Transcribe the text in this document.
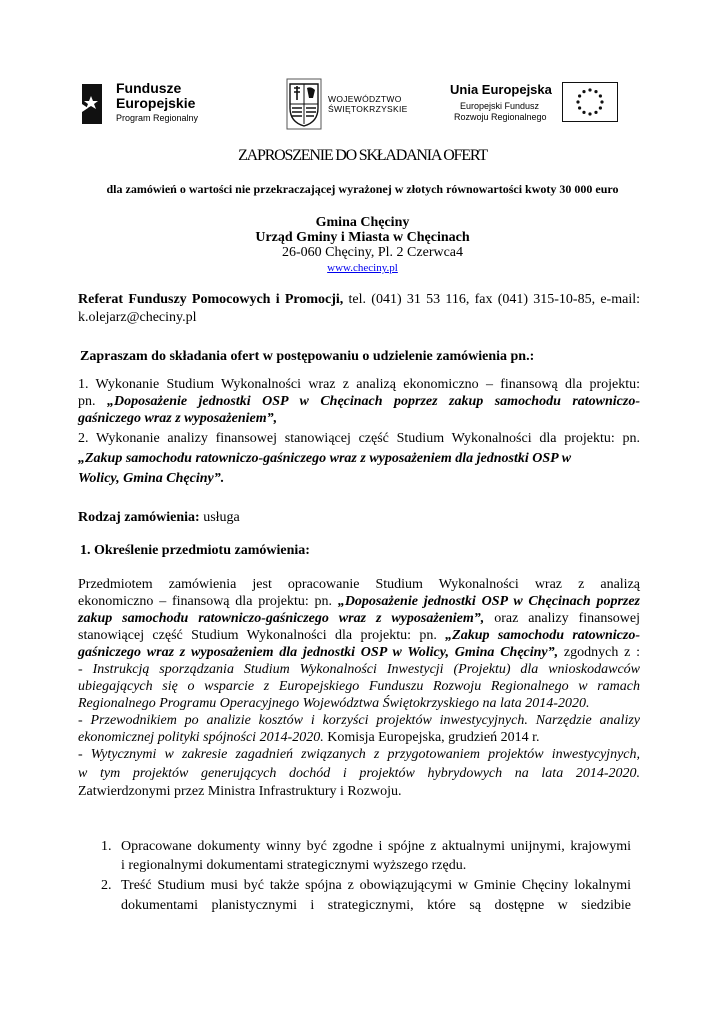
Fundusze
Europejskie
Program Regionalny
WOJEWÓDZTWO
ŚWIĘTOKRZYSKIE
Unia Europejska
Europejski Fundusz
Rozwoju Regionalnego
ZAPROSZENIE DO SKŁADANIA OFERT
dla zamówień o wartości nie przekraczającej wyrażonej w złotych równowartości kwoty 30 000 euro
Gmina Chęciny
Urząd Gminy i Miasta w Chęcinach
26-060 Chęciny, Pl. 2 Czerwca4
www.checiny.pl
Referat Funduszy Pomocowych i Promocji, tel. (041) 31 53 116, fax (041) 315-10-85, e-mail:
k.olejarz@checiny.pl
Zapraszam do składania ofert w postępowaniu o udzielenie zamówienia pn.:
1. Wykonanie Studium Wykonalności wraz z analizą ekonomiczno – finansową dla projektu:
pn. „Doposażenie jednostki OSP w Chęcinach poprzez zakup samochodu ratowniczo-
gaśniczego wraz z wyposażeniem”,
2. Wykonanie analizy finansowej stanowiącej część Studium Wykonalności dla projektu: pn.
„Zakup samochodu ratowniczo-gaśniczego wraz z wyposażeniem dla jednostki OSP w
Wolicy, Gmina Chęciny”.
Rodzaj zamówienia: usługa
1. Określenie przedmiotu zamówienia:
Przedmiotem zamówienia jest opracowanie Studium Wykonalności wraz z analizą
ekonomiczno – finansową dla projektu: pn. „Doposażenie jednostki OSP w Chęcinach poprzez
zakup samochodu ratowniczo-gaśniczego wraz z wyposażeniem”, oraz analizy finansowej
stanowiącej część Studium Wykonalności dla projektu: pn. „Zakup samochodu ratowniczo-
gaśniczego wraz z wyposażeniem dla jednostki OSP w Wolicy, Gmina Chęciny”, zgodnych z :
- Instrukcją sporządzania Studium Wykonalności Inwestycji (Projektu) dla wnioskodawców
ubiegających się o wsparcie z Europejskiego Funduszu Rozwoju Regionalnego w ramach
Regionalnego Programu Operacyjnego Województwa Świętokrzyskiego na lata 2014-2020.
- Przewodnikiem po analizie kosztów i korzyści projektów inwestycyjnych. Narzędzie analizy
ekonomicznej polityki spójności 2014-2020. Komisja Europejska, grudzień 2014 r.
- Wytycznymi w zakresie zagadnień związanych z przygotowaniem projektów inwestycyjnych,
w tym projektów generujących dochód i projektów hybrydowych na lata 2014-2020.
Zatwierdzonymi przez Ministra Infrastruktury i Rozwoju.
1. Opracowane dokumenty winny być zgodne i spójne z aktualnymi unijnymi, krajowymi
i regionalnymi dokumentami strategicznymi wyższego rzędu.
2. Treść Studium musi być także spójna z obowiązującymi w Gminie Chęciny lokalnymi
dokumentami planistycznymi i strategicznymi, które są dostępne w siedzibie
